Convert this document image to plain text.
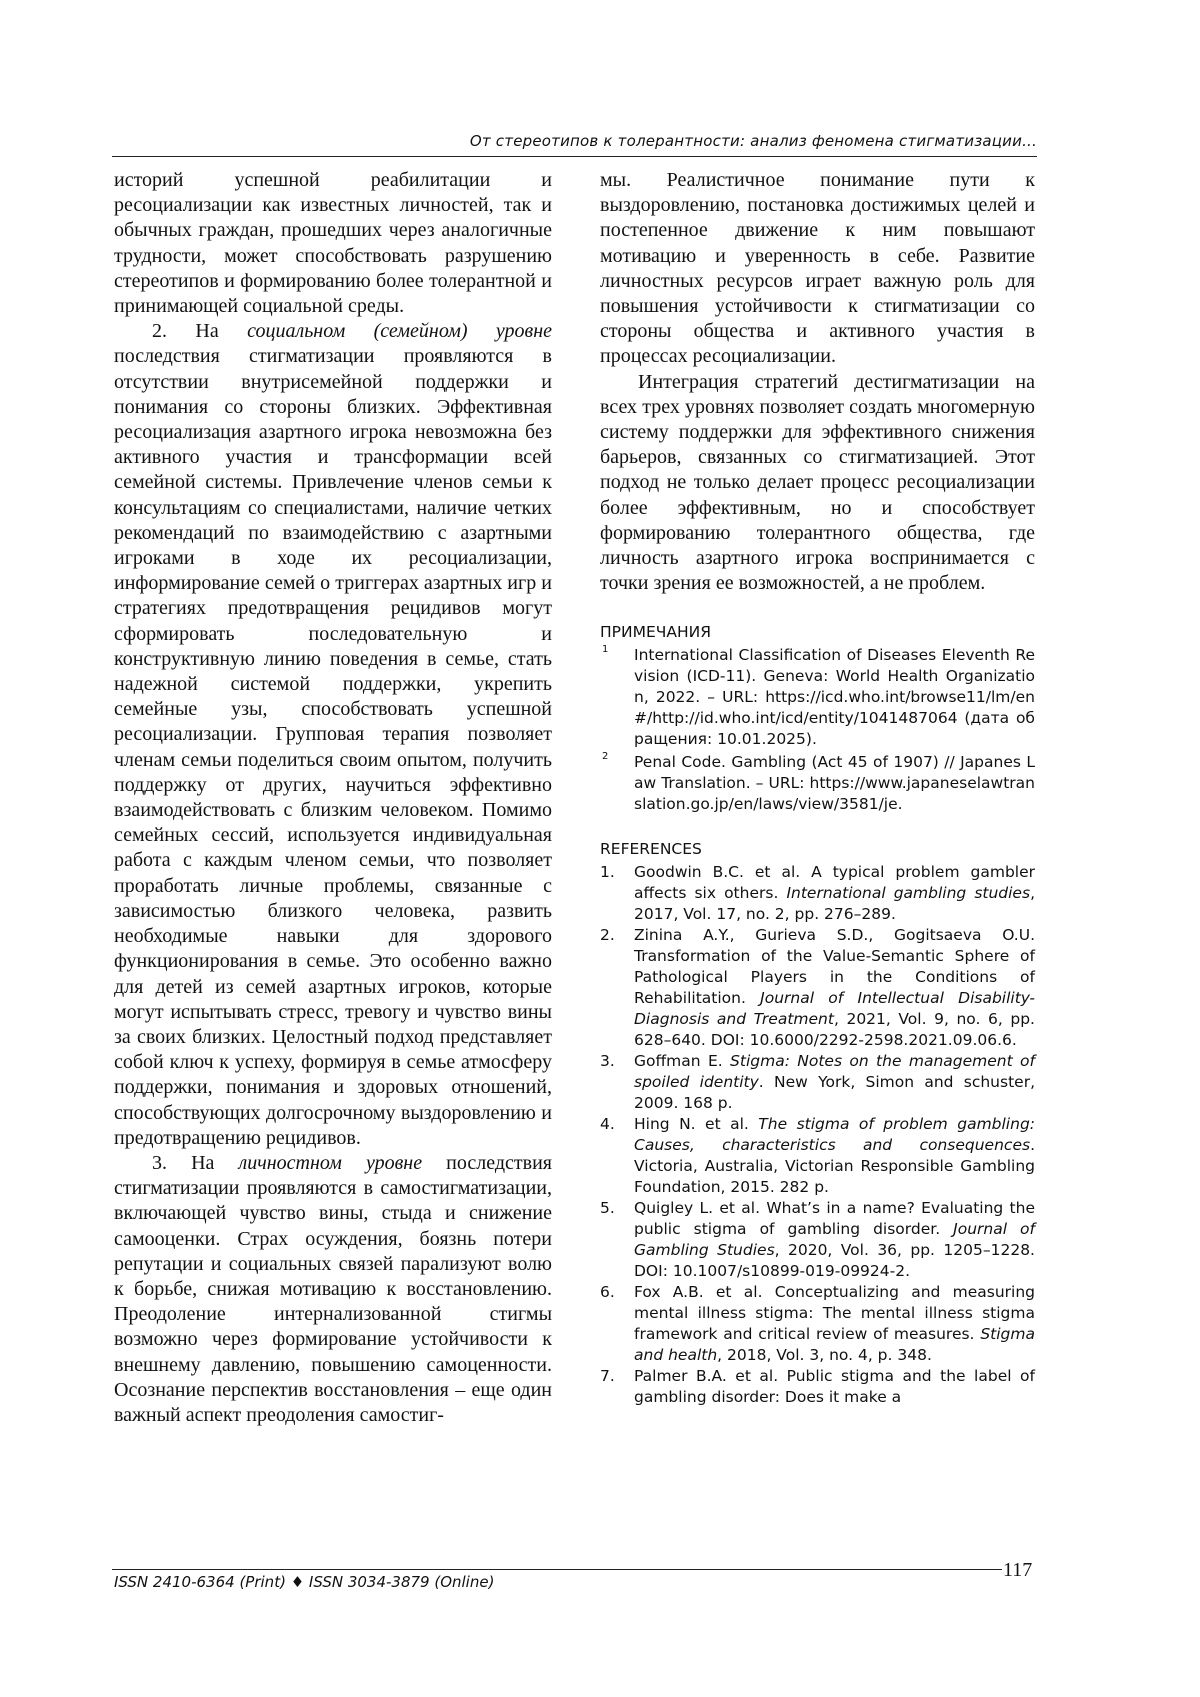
От стереотипов к толерантности: анализ феномена стигматизации...

историй успешной реабилитации и ресоциализации как известных личностей, так и обычных граждан, прошедших через аналогичные трудности, может способствовать разрушению стереотипов и формированию более толерантной и принимающей социальной среды.

2. На социальном (семейном) уровне последствия стигматизации проявляются в отсутствии внутрисемейной поддержки и понимания со стороны близких. Эффективная ресоциализация азартного игрока невозможна без активного участия и трансформации всей семейной системы. Привлечение членов семьи к консультациям со специалистами, наличие четких рекомендаций по взаимодействию с азартными игроками в ходе их ресоциализации, информирование семей о триггерах азартных игр и стратегиях предотвращения рецидивов могут сформировать последовательную и конструктивную линию поведения в семье, стать надежной системой поддержки, укрепить семейные узы, способствовать успешной ресоциализации. Групповая терапия позволяет членам семьи поделиться своим опытом, получить поддержку от других, научиться эффективно взаимодействовать с близким человеком. Помимо семейных сессий, используется индивидуальная работа с каждым членом семьи, что позволяет проработать личные проблемы, связанные с зависимостью близкого человека, развить необходимые навыки для здорового функционирования в семье. Это особенно важно для детей из семей азартных игроков, которые могут испытывать стресс, тревогу и чувство вины за своих близких. Целостный подход представляет собой ключ к успеху, формируя в семье атмосферу поддержки, понимания и здоровых отношений, способствующих долгосрочному выздоровлению и предотвращению рецидивов.

3. На личностном уровне последствия стигматизации проявляются в самостигматизации, включающей чувство вины, стыда и снижение самооценки. Страх осуждения, боязнь потери репутации и социальных связей парализуют волю к борьбе, снижая мотивацию к восстановлению. Преодоление интернализованной стигмы возможно через формирование устойчивости к внешнему давлению, повышению самоценности. Осознание перспектив восстановления – еще один важный аспект преодоления самостиг-

мы. Реалистичное понимание пути к выздоровлению, постановка достижимых целей и постепенное движение к ним повышают мотивацию и уверенность в себе. Развитие личностных ресурсов играет важную роль для повышения устойчивости к стигматизации со стороны общества и активного участия в процессах ресоциализации.

Интеграция стратегий дестигматизации на всех трех уровнях позволяет создать многомерную систему поддержки для эффективного снижения барьеров, связанных со стигматизацией. Этот подход не только делает процесс ресоциализации более эффективным, но и способствует формированию толерантного общества, где личность азартного игрока воспринимается с точки зрения ее возможностей, а не проблем.

ПРИМЕЧАНИЯ
1 International Classification of Diseases Eleventh Revision (ICD-11). Geneva: World Health Organization, 2022. – URL: https://icd.who.int/browse11/lm/en#/http://id.who.int/icd/entity/1041487064 (дата обращения: 10.01.2025).
2 Penal Code. Gambling (Act 45 of 1907) // Japanes Law Translation. – URL: https://www.japaneselawtranslation.go.jp/en/laws/view/3581/je.
REFERENCES
1. Goodwin B.C. et al. A typical problem gambler affects six others. International gambling studies, 2017, Vol. 17, no. 2, pp. 276–289.
2. Zinina A.Y., Gurieva S.D., Gogitsaeva O.U. Transformation of the Value-Semantic Sphere of Pathological Players in the Conditions of Rehabilitation. Journal of Intellectual Disability-Diagnosis and Treatment, 2021, Vol. 9, no. 6, pp. 628–640. DOI: 10.6000/2292-2598.2021.09.06.6.
3. Goffman E. Stigma: Notes on the management of spoiled identity. New York, Simon and schuster, 2009. 168 p.
4. Hing N. et al. The stigma of problem gambling: Causes, characteristics and consequences. Victoria, Australia, Victorian Responsible Gambling Foundation, 2015. 282 p.
5. Quigley L. et al. What’s in a name? Evaluating the public stigma of gambling disorder. Journal of Gambling Studies, 2020, Vol. 36, pp. 1205–1228. DOI: 10.1007/s10899-019-09924-2.
6. Fox A.B. et al. Conceptualizing and measuring mental illness stigma: The mental illness stigma framework and critical review of measures. Stigma and health, 2018, Vol. 3, no. 4, p. 348.
7. Palmer B.A. et al. Public stigma and the label of gambling disorder: Does it make a
ISSN 2410-6364 (Print) ♦ ISSN 3034-3879 (Online)
117
